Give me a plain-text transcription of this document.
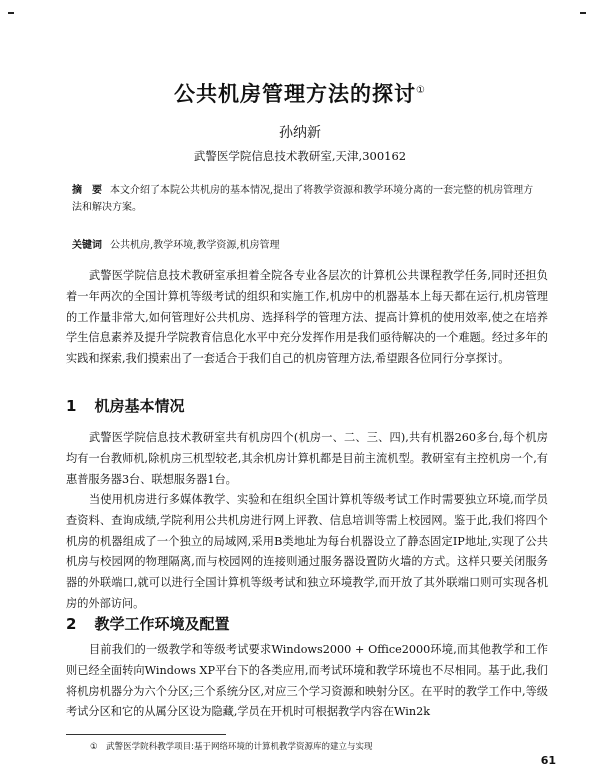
公共机房管理方法的探讨①
孙纳新
武警医学院信息技术教研室,天津,300162
摘　要 本文介绍了本院公共机房的基本情况,提出了将教学资源和教学环境分离的一套完整的机房管理方法和解决方案。
关键词 公共机房,教学环境,教学资源,机房管理

武警医学院信息技术教研室承担着全院各专业各层次的计算机公共课程教学任务,同时还担负着一年两次的全国计算机等级考试的组织和实施工作,机房中的机器基本上每天都在运行,机房管理的工作量非常大,如何管理好公共机房、选择科学的管理方法、提高计算机的使用效率,使之在培养学生信息素养及提升学院教育信息化水平中充分发挥作用是我们亟待解决的一个难题。经过多年的实践和探索,我们摸索出了一套适合于我们自己的机房管理方法,希望跟各位同行分享探讨。

1 机房基本情况

武警医学院信息技术教研室共有机房四个(机房一、二、三、四),共有机器260多台,每个机房均有一台教师机,除机房三机型较老,其余机房计算机都是目前主流机型。教研室有主控机房一个,有惠普服务器3台、联想服务器1台。

当使用机房进行多媒体教学、实验和在组织全国计算机等级考试工作时需要独立环境,而学员查资料、查询成绩,学院利用公共机房进行网上评教、信息培训等需上校园网。鉴于此,我们将四个机房的机器组成了一个独立的局域网,采用B类地址为每台机器设立了静态固定IP地址,实现了公共机房与校园网的物理隔离,而与校园网的连接则通过服务器设置防火墙的方式。这样只要关闭服务器的外联端口,就可以进行全国计算机等级考试和独立环境教学,而开放了其外联端口则可实现各机房的外部访问。

2 教学工作环境及配置

目前我们的一级教学和等级考试要求Windows2000 + Office2000环境,而其他教学和工作则已经全面转向Windows XP平台下的各类应用,而考试环境和教学环境也不尽相同。基于此,我们将机房机器分为六个分区;三个系统分区,对应三个学习资源和映射分区。在平时的教学工作中,等级考试分区和它的从属分区设为隐藏,学员在开机时可根据教学内容在Win2k

①　武警医学院科教学项目:基于网络环境的计算机教学资源库的建立与实现
61
